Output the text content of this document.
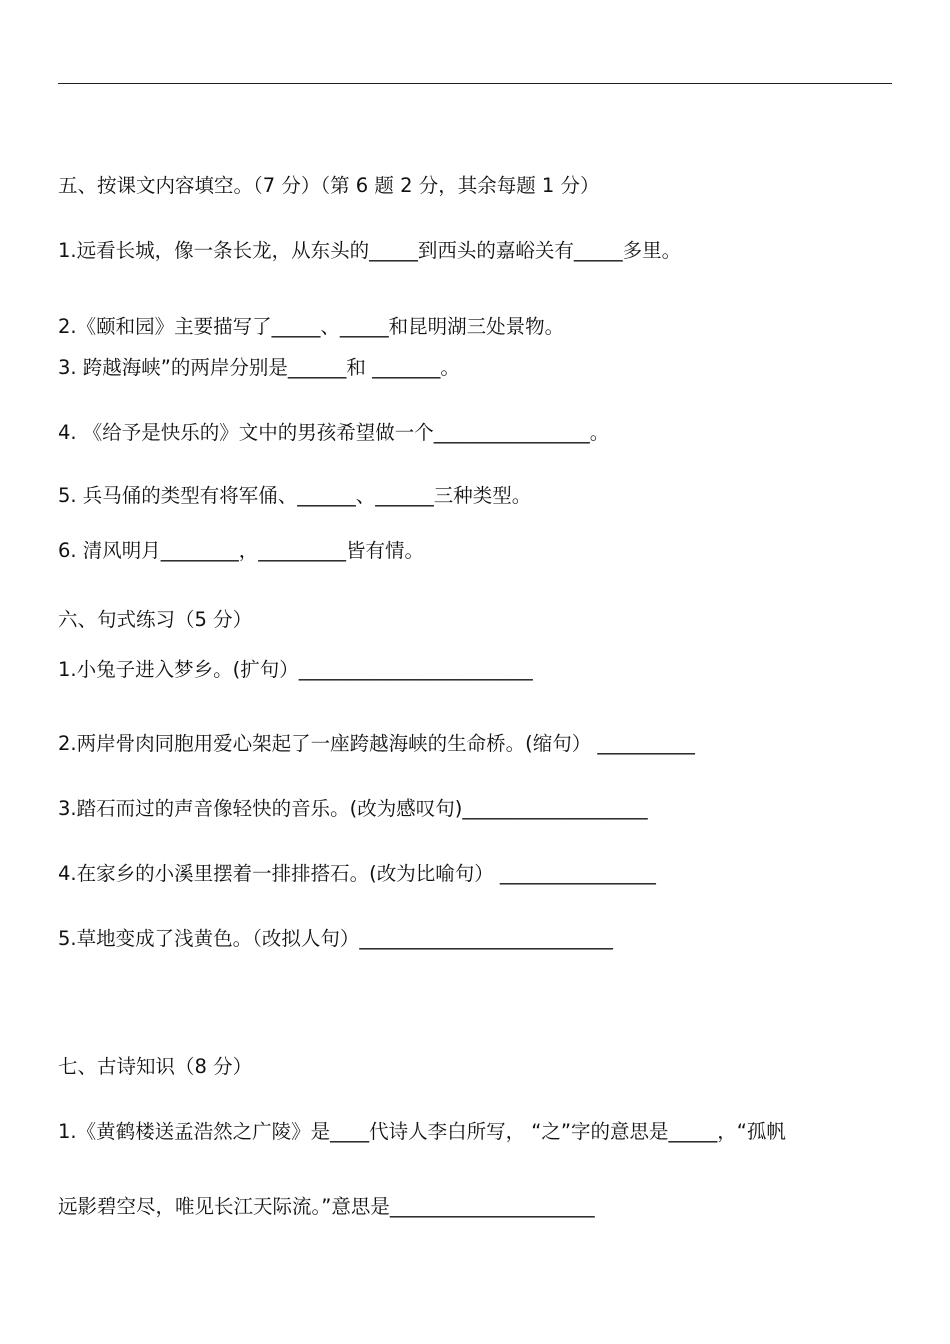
五、按课文内容填空。（7 分）（第 6 题 2 分，其余每题 1 分）
1.远看长城，像一条长龙，从东头的_____到西头的嘉峪关有_____多里。
2.《颐和园》主要描写了_____、_____和昆明湖三处景物。
3. 跨越海峡”的两岸分别是______和 _______。
4. 《给予是快乐的》文中的男孩希望做一个________________。
5. 兵马俑的类型有将军俑、______、______三种类型。
6. 清风明月________，_________皆有情。
六、句式练习（5 分）
1.小兔子进入梦乡。(扩句）________________________
2.两岸骨肉同胞用爱心架起了一座跨越海峡的生命桥。(缩句） __________
3.踏石而过的声音像轻快的音乐。(改为感叹句)___________________
4.在家乡的小溪里摆着一排排搭石。(改为比喻句） ________________
5.草地变成了浅黄色。（改拟人句）__________________________
七、古诗知识（8 分）
1.《黄鹤楼送孟浩然之广陵》是____代诗人李白所写， “之”字的意思是_____，“孤帆
远影碧空尽，唯见长江天际流。”意思是_____________________
